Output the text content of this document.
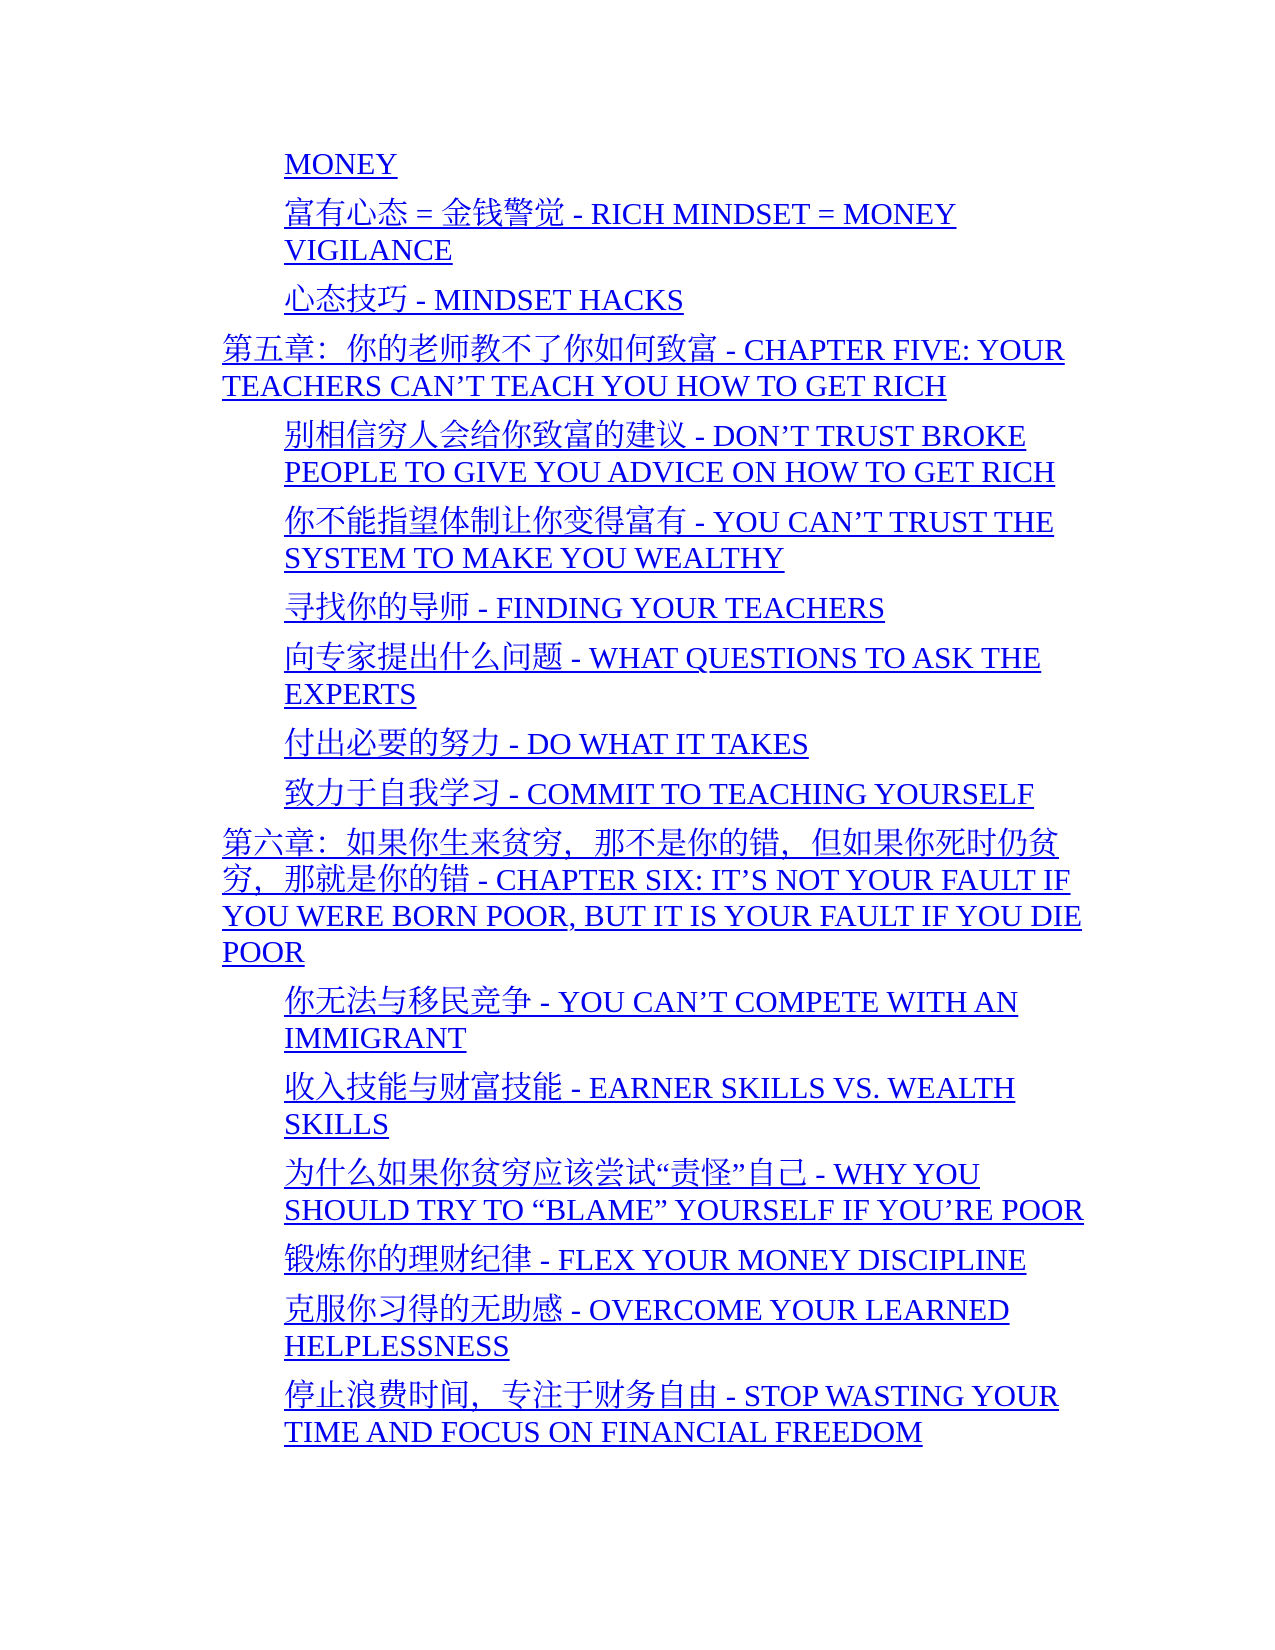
MONEY
富有心态 = 金钱警觉 - RICH MINDSET = MONEY VIGILANCE
心态技巧 - MINDSET HACKS
第五章：你的老师教不了你如何致富 - CHAPTER FIVE: YOUR TEACHERS CAN’T TEACH YOU HOW TO GET RICH
别相信穷人会给你致富的建议 - DON’T TRUST BROKE PEOPLE TO GIVE YOU ADVICE ON HOW TO GET RICH
你不能指望体制让你变得富有 - YOU CAN’T TRUST THE SYSTEM TO MAKE YOU WEALTHY
寻找你的导师 - FINDING YOUR TEACHERS
向专家提出什么问题 - WHAT QUESTIONS TO ASK THE EXPERTS
付出必要的努力 - DO WHAT IT TAKES
致力于自我学习 - COMMIT TO TEACHING YOURSELF
第六章：如果你生来贫穷，那不是你的错，但如果你死时仍贫穷，那就是你的错 - CHAPTER SIX: IT’S NOT YOUR FAULT IF YOU WERE BORN POOR, BUT IT IS YOUR FAULT IF YOU DIE POOR
你无法与移民竞争 - YOU CAN’T COMPETE WITH AN IMMIGRANT
收入技能与财富技能 - EARNER SKILLS VS. WEALTH SKILLS
为什么如果你贫穷应该尝试“责怪”自己 - WHY YOU SHOULD TRY TO “BLAME” YOURSELF IF YOU’RE POOR
锻炼你的理财纪律 - FLEX YOUR MONEY DISCIPLINE
克服你习得的无助感 - OVERCOME YOUR LEARNED HELPLESSNESS
停止浪费时间，专注于财务自由 - STOP WASTING YOUR TIME AND FOCUS ON FINANCIAL FREEDOM
